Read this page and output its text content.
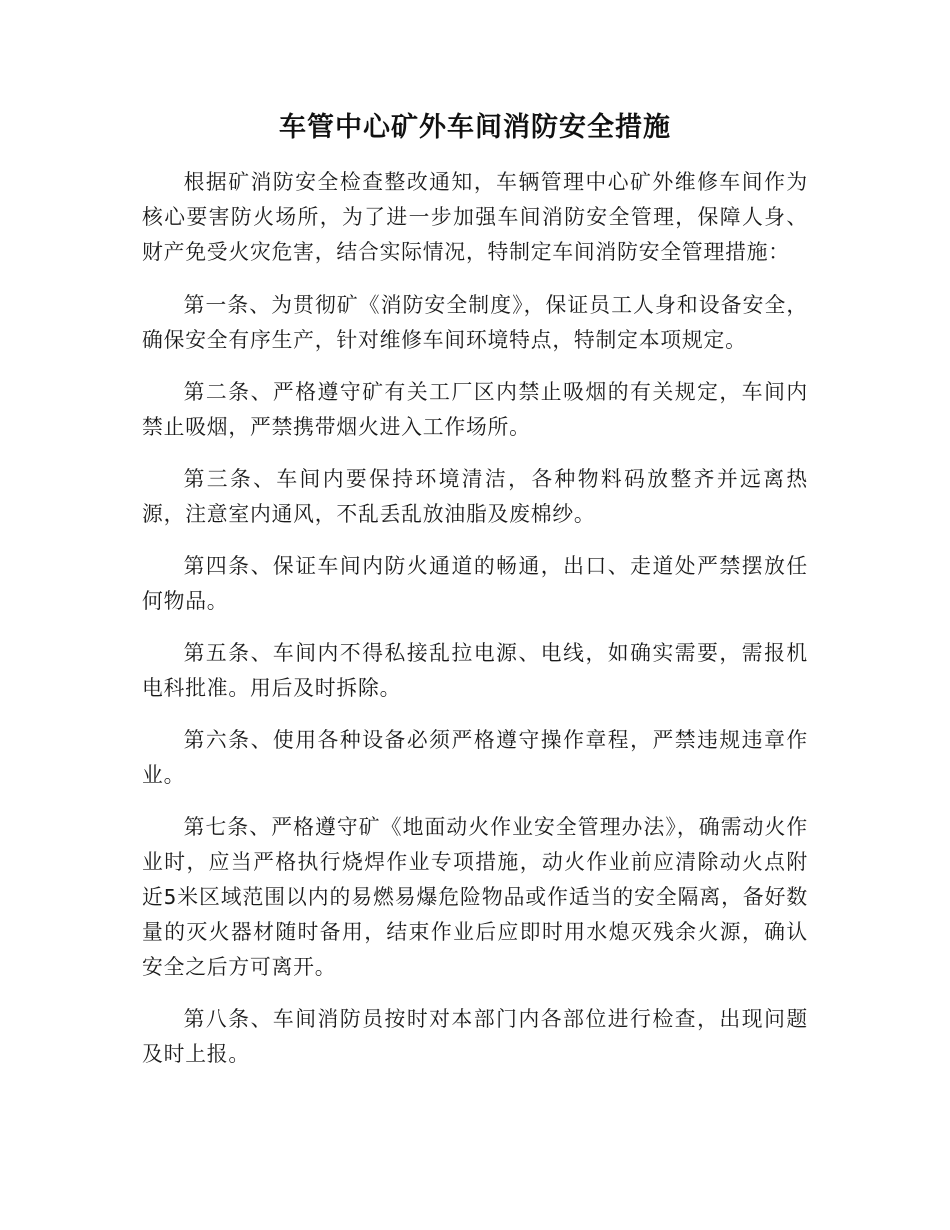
车管中心矿外车间消防安全措施

根据矿消防安全检查整改通知，车辆管理中心矿外维修车间作为核心要害防火场所，为了进一步加强车间消防安全管理，保障人身、财产免受火灾危害，结合实际情况，特制定车间消防安全管理措施：

第一条、为贯彻矿《消防安全制度》，保证员工人身和设备安全，确保安全有序生产，针对维修车间环境特点，特制定本项规定。

第二条、严格遵守矿有关工厂区内禁止吸烟的有关规定，车间内禁止吸烟，严禁携带烟火进入工作场所。

第三条、车间内要保持环境清洁，各种物料码放整齐并远离热源，注意室内通风，不乱丢乱放油脂及废棉纱。

第四条、保证车间内防火通道的畅通，出口、走道处严禁摆放任何物品。

第五条、车间内不得私接乱拉电源、电线，如确实需要，需报机电科批准。用后及时拆除。

第六条、使用各种设备必须严格遵守操作章程，严禁违规违章作业。

第七条、严格遵守矿《地面动火作业安全管理办法》，确需动火作业时，应当严格执行烧焊作业专项措施，动火作业前应清除动火点附近5米区域范围以内的易燃易爆危险物品或作适当的安全隔离，备好数量的灭火器材随时备用，结束作业后应即时用水熄灭残余火源，确认安全之后方可离开。

第八条、车间消防员按时对本部门内各部位进行检查，出现问题及时上报。
